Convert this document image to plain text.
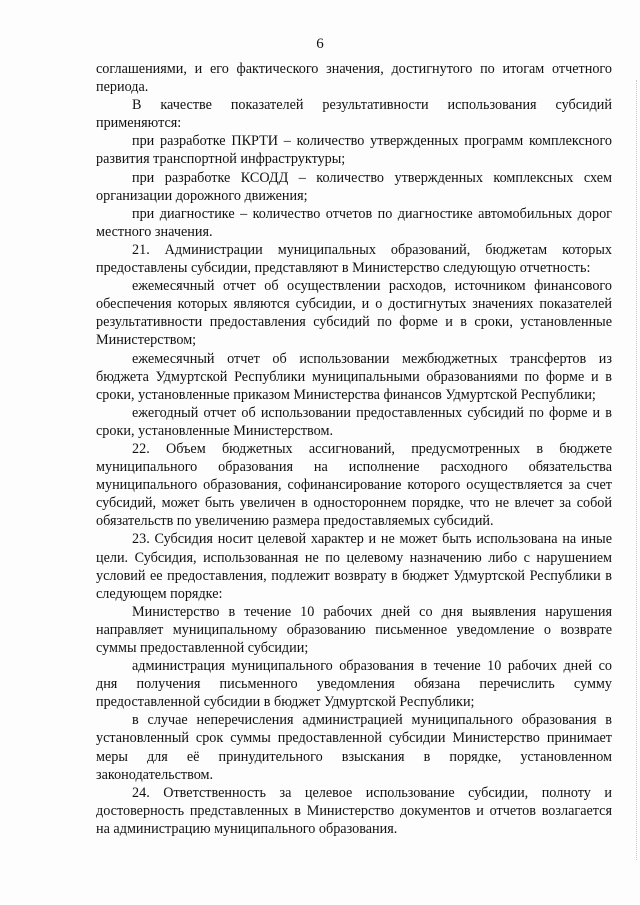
6

соглашениями, и его фактического значения, достигнутого по итогам отчетного периода.

В качестве показателей результативности использования субсидий применяются:

при разработке ПКРТИ – количество утвержденных программ комплексного развития транспортной инфраструктуры;

при разработке КСОДД – количество утвержденных комплексных схем организации дорожного движения;

при диагностике – количество отчетов по диагностике автомобильных дорог местного значения.

21. Администрации муниципальных образований, бюджетам которых предоставлены субсидии, представляют в Министерство следующую отчетность:

ежемесячный отчет об осуществлении расходов, источником финансового обеспечения которых являются субсидии, и о достигнутых значениях показателей результативности предоставления субсидий по форме и в сроки, установленные Министерством;

ежемесячный отчет об использовании межбюджетных трансфертов из бюджета Удмуртской Республики муниципальными образованиями по форме и в сроки, установленные приказом Министерства финансов Удмуртской Республики;

ежегодный отчет об использовании предоставленных субсидий по форме и в сроки, установленные Министерством.

22. Объем бюджетных ассигнований, предусмотренных в бюджете муниципального образования на исполнение расходного обязательства муниципального образования, софинансирование которого осуществляется за счет субсидий, может быть увеличен в одностороннем порядке, что не влечет за собой обязательств по увеличению размера предоставляемых субсидий.

23. Субсидия носит целевой характер и не может быть использована на иные цели. Субсидия, использованная не по целевому назначению либо с нарушением условий ее предоставления, подлежит возврату в бюджет Удмуртской Республики в следующем порядке:

Министерство в течение 10 рабочих дней со дня выявления нарушения направляет муниципальному образованию письменное уведомление о возврате суммы предоставленной субсидии;

администрация муниципального образования в течение 10 рабочих дней со дня получения письменного уведомления обязана перечислить сумму предоставленной субсидии в бюджет Удмуртской Республики;

в случае неперечисления администрацией муниципального образования в установленный срок суммы предоставленной субсидии Министерство принимает меры для её принудительного взыскания в порядке, установленном законодательством.

24. Ответственность за целевое использование субсидии, полноту и достоверность представленных в Министерство документов и отчетов возлагается на администрацию муниципального образования.
